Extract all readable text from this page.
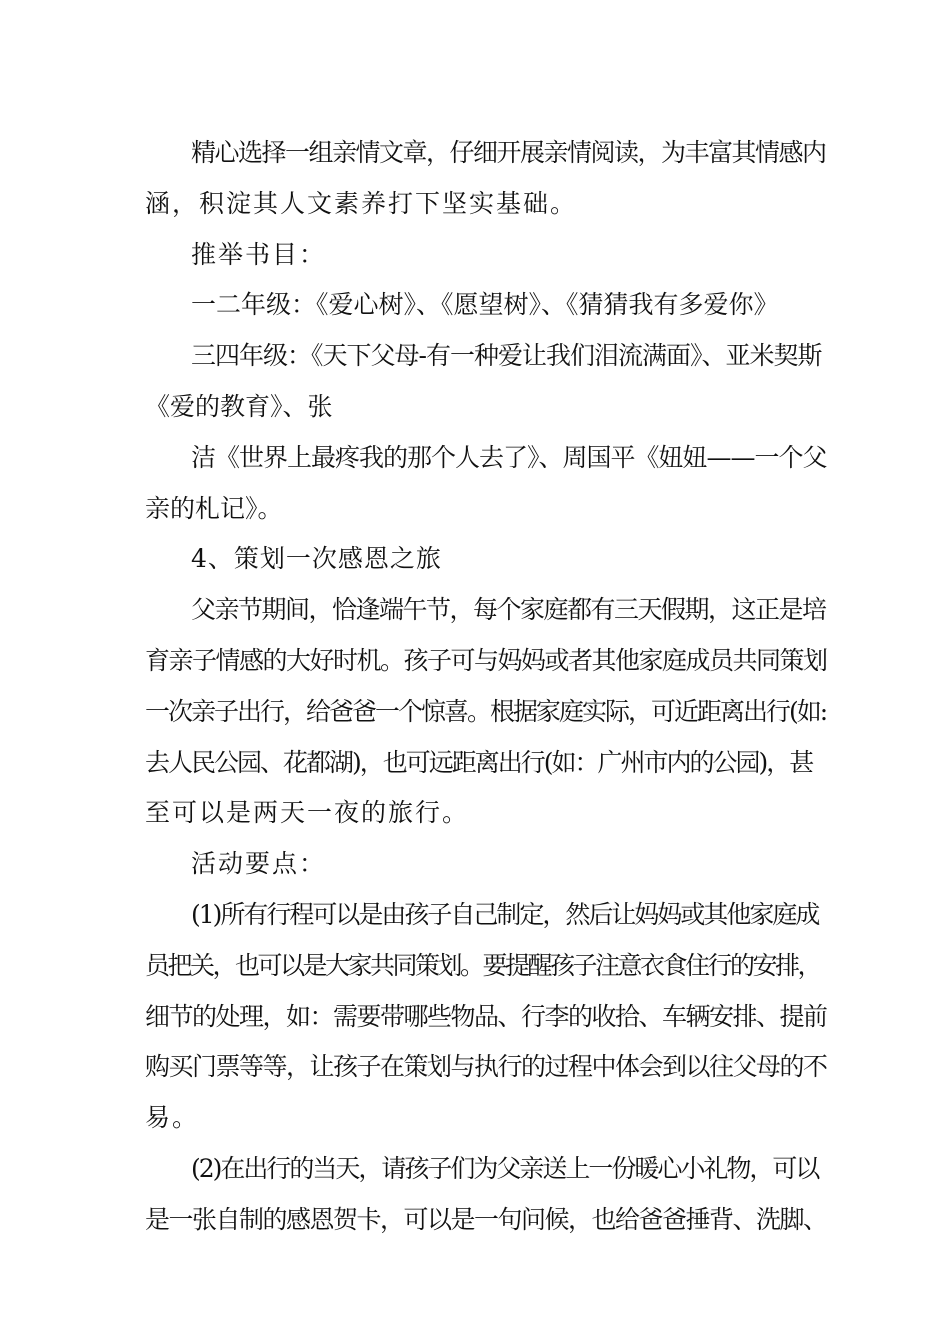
精心选择一组亲情文章，仔细开展亲情阅读，为丰富其情感内
涵，积淀其人文素养打下坚实基础。
推举书目：
一二年级：《爱心树》、《愿望树》、《猜猜我有多爱你》
三四年级：《天下父母-有一种爱让我们泪流满面》、亚米契斯
《爱的教育》、张
洁《世界上最疼我的那个人去了》、周国平《妞妞——一个父
亲的札记》。
4、策划一次感恩之旅
父亲节期间，恰逢端午节，每个家庭都有三天假期，这正是培
育亲子情感的大好时机。孩子可与妈妈或者其他家庭成员共同策划
一次亲子出行，给爸爸一个惊喜。根据家庭实际，可近距离出行(如:
去人民公园、花都湖)，也可远距离出行(如：广州市内的公园)，甚
至可以是两天一夜的旅行。
活动要点：
(1)所有行程可以是由孩子自己制定，然后让妈妈或其他家庭成
员把关，也可以是大家共同策划。要提醒孩子注意衣食住行的安排，
细节的处理，如：需要带哪些物品、行李的收拾、车辆安排、提前
购买门票等等，让孩子在策划与执行的过程中体会到以往父母的不
易。
(2)在出行的当天，请孩子们为父亲送上一份暖心小礼物，可以
是一张自制的感恩贺卡，可以是一句问候，也给爸爸捶背、洗脚、
